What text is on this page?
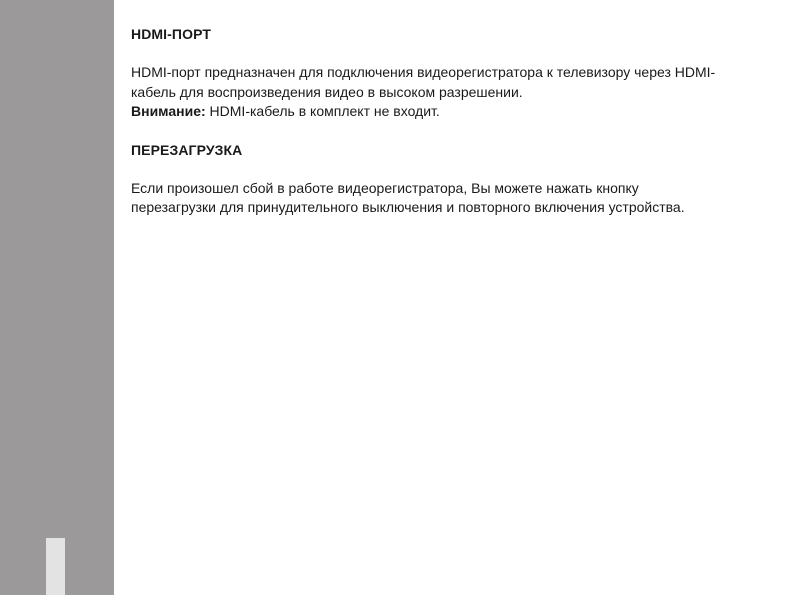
HDMI-ПОРТ

HDMI-порт предназначен для подключения видеорегистратора к телевизору через HDMI-

кабель для воспроизведения видео в высоком разрешении.

Внимание: HDMI-кабель в комплект не входит.

ПЕРЕЗАГРУЗКА

Если произошел сбой в работе видеорегистратора, Вы можете нажать кнопку

перезагрузки для принудительного выключения и повторного включения устройства.
